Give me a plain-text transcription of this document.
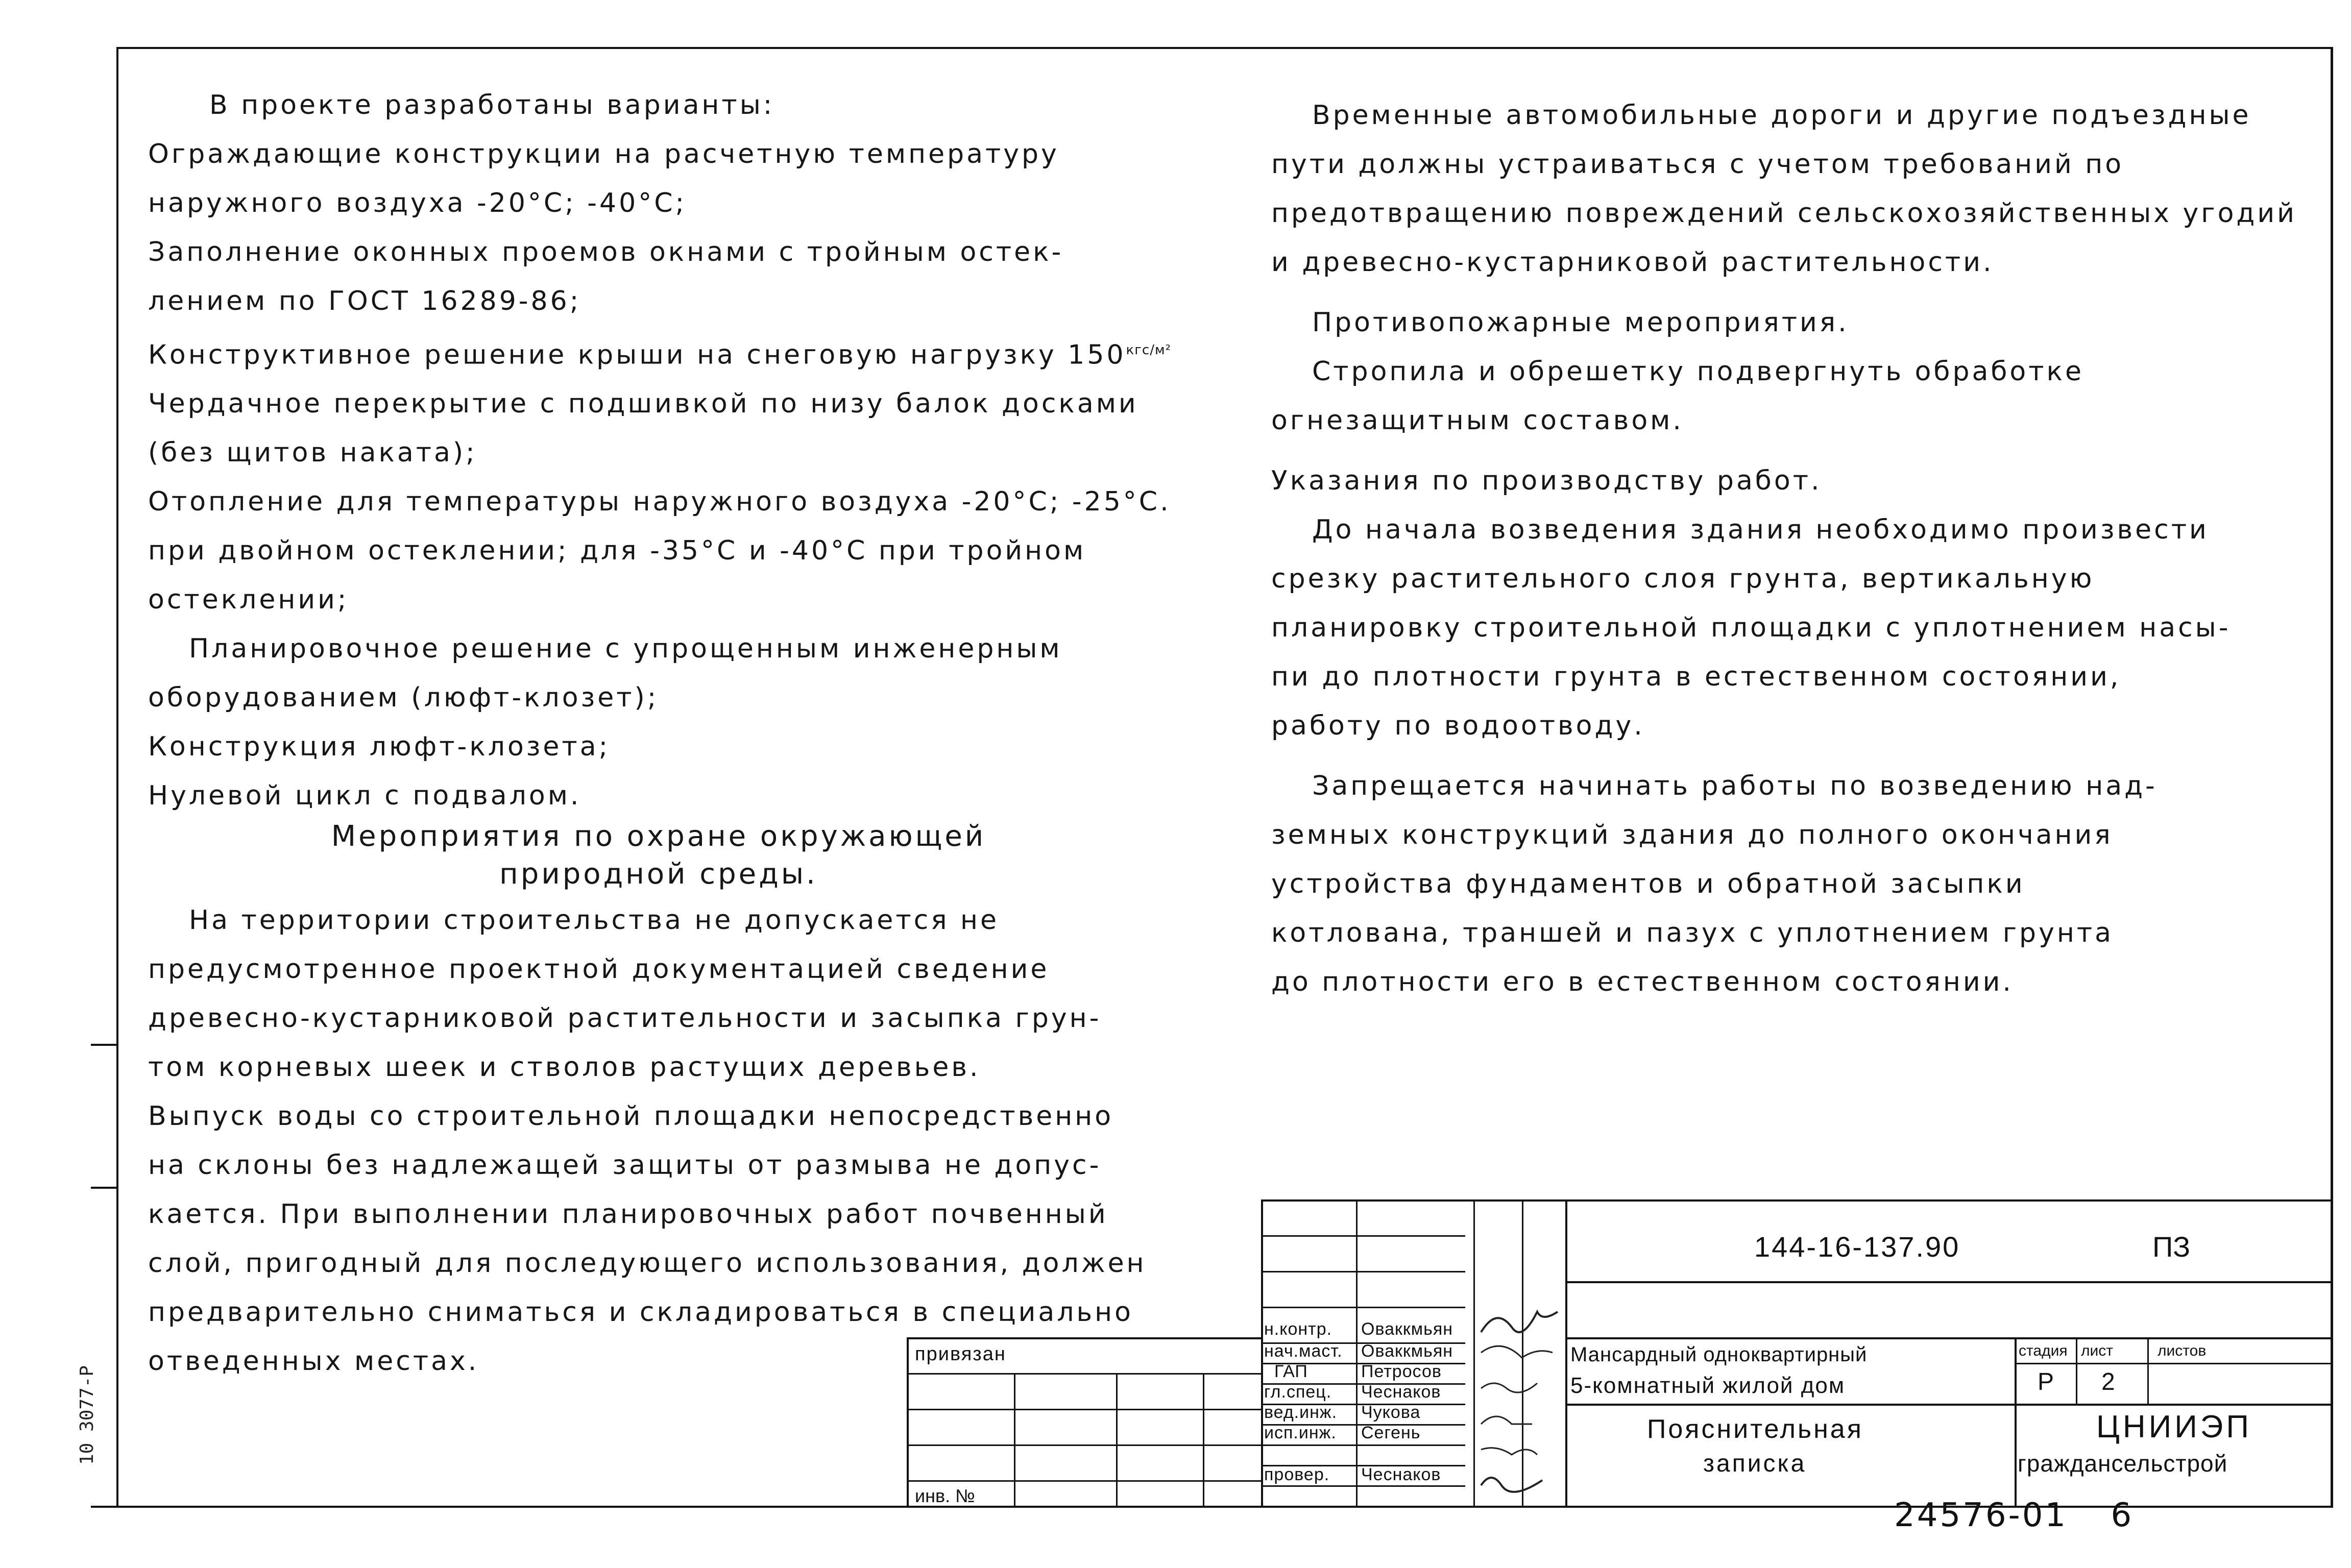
В проекте разработаны варианты:

Ограждающие конструкции на расчетную температуру

наружного воздуха -20°С; -40°С;

Заполнение оконных проемов окнами с тройным остек-

лением по ГОСТ 16289-86;

Конструктивное решение крыши на снеговую нагрузку $150^{кгс/м^2}$

Чердачное перекрытие с подшивкой по низу балок досками

(без щитов наката);

Отопление для температуры наружного воздуха -20°С; -25°С.

при двойном остеклении; для -35°С и -40°С при тройном

остеклении;

Планировочное решение с упрощенным инженерным

оборудованием (люфт-клозет);

Конструкция люфт-клозета;

Нулевой цикл с подвалом.

Мероприятия по охране окружающей

природной среды.

На территории строительства не допускается не

предусмотренное проектной документацией сведение

древесно-кустарниковой растительности и засыпка грун-

том корневых шеек и стволов растущих деревьев.

Выпуск воды со строительной площадки непосредственно

на склоны без надлежащей защиты от размыва не допус-

кается. При выполнении планировочных работ почвенный

слой, пригодный для последующего использования, должен

предварительно сниматься и складироваться в специально

отведенных местах.

Временные автомобильные дороги и другие подъездные

пути должны устраиваться с учетом требований по

предотвращению повреждений сельскохозяйственных угодий

и древесно-кустарниковой растительности.

Противопожарные мероприятия.

Стропила и обрешетку подвергнуть обработке

огнезащитным составом.

Указания по производству работ.

До начала возведения здания необходимо произвести

срезку растительного слоя грунта, вертикальную

планировку строительной площадки с уплотнением насы-

пи до плотности грунта в естественном состоянии,

работу по водоотводу.

Запрещается начинать работы по возведению над-

земных конструкций здания до полного окончания

устройства фундаментов и обратной засыпки

котлована, траншей и пазух с уплотнением грунта

до плотности его в естественном состоянии.

144-16-137.90	ПЗ
привязан
инв. №
н.контр.
нач.маст.
ГАП
гл.спец.
вед.инж.
исп.инж.
провер.
Оваккмьян
Оваккмьян
Петросов
Чеснаков
Чукова
Сегень
Чеснаков
Мансардный одноквартирный
5-комнатный жилой дом
стадия лист	листов
Р 2
Пояснительная
записка
ЦНИИЭП
граждансельстрой
10 3077-Р
24576-01 6
